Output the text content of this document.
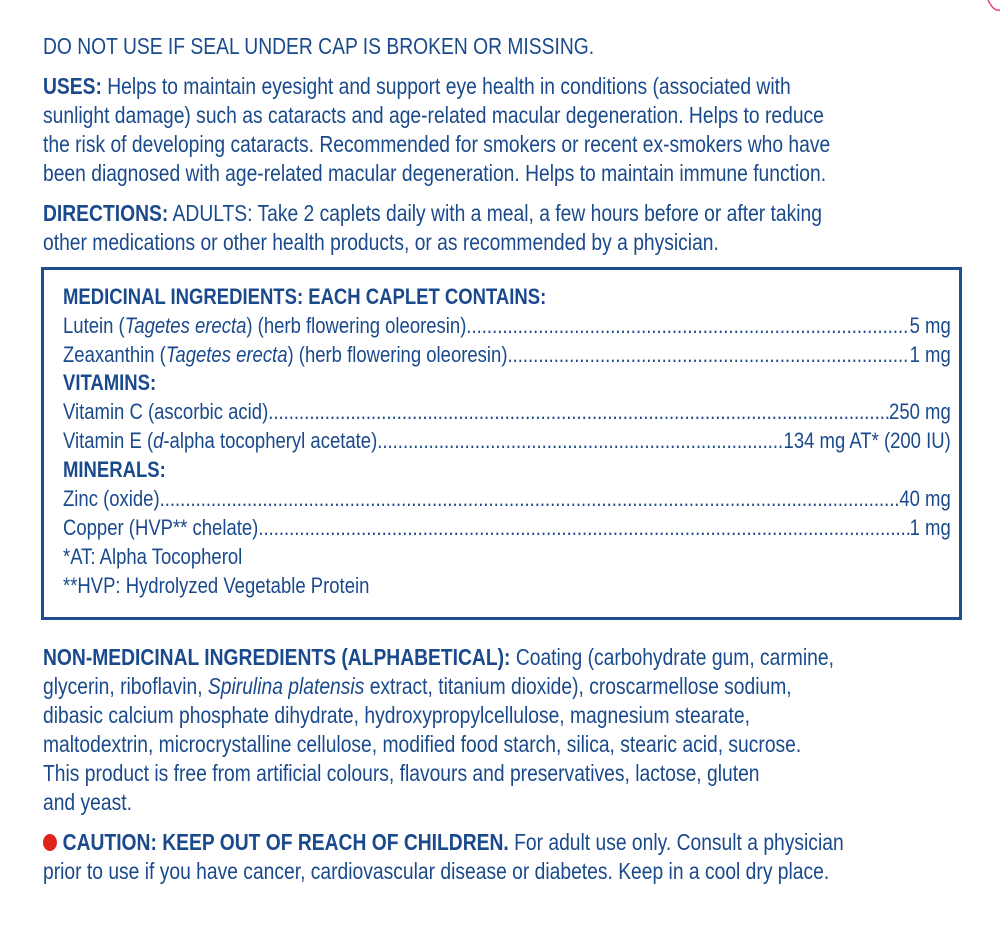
DO NOT USE IF SEAL UNDER CAP IS BROKEN OR MISSING.
USES: Helps to maintain eyesight and support eye health in conditions (associated with
sunlight damage) such as cataracts and age-related macular degeneration. Helps to reduce
the risk of developing cataracts. Recommended for smokers or recent ex-smokers who have
been diagnosed with age-related macular degeneration. Helps to maintain immune function.
DIRECTIONS: ADULTS: Take 2 caplets daily with a meal, a few hours before or after taking
other medications or other health products, or as recommended by a physician.
NON-MEDICINAL INGREDIENTS (ALPHABETICAL): Coating (carbohydrate gum, carmine,
glycerin, riboflavin, Spirulina platensis extract, titanium dioxide), croscarmellose sodium,
dibasic calcium phosphate dihydrate, hydroxypropylcellulose, magnesium stearate,
maltodextrin, microcrystalline cellulose, modified food starch, silica, stearic acid, sucrose.
This product is free from artificial colours, flavours and preservatives, lactose, gluten
and yeast.
CAUTION: KEEP OUT OF REACH OF CHILDREN. For adult use only. Consult a physician
prior to use if you have cancer, cardiovascular disease or diabetes. Keep in a cool dry place.
MEDICINAL INGREDIENTS: EACH CAPLET CONTAINS:
Lutein (Tagetes erecta) (herb flowering oleoresin) .....	5 mg
Zeaxanthin (Tagetes erecta) (herb flowering oleoresin) .....	1 mg
VITAMINS:
Vitamin C (ascorbic acid) .....	250 mg
Vitamin E (d-alpha tocopheryl acetate) .....	134 mg AT* (200 IU)
MINERALS:
Zinc (oxide) .....	40 mg
Copper (HVP** chelate) .....	1 mg
*AT: Alpha Tocopherol
**HVP: Hydrolyzed Vegetable Protein
